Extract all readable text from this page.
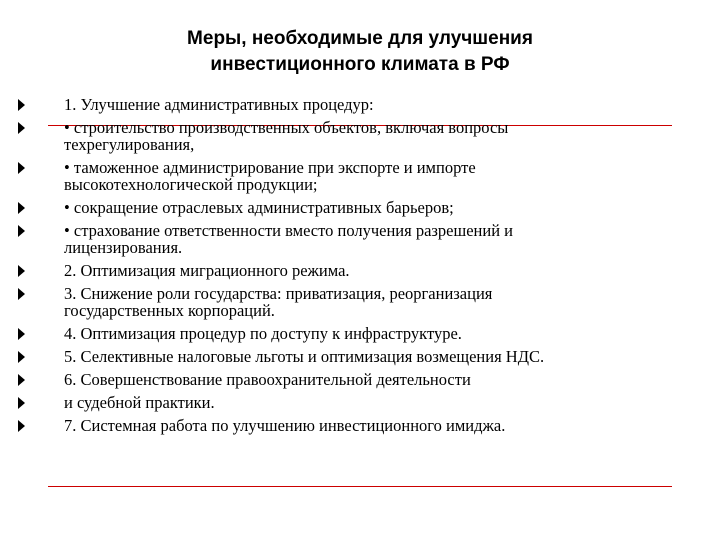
Меры, необходимые для улучшения
инвестиционного климата в РФ
1. Улучшение административных процедур:
• строительство производственных объектов, включая вопросы
техрегулирования,
• таможенное администрирование при экспорте и импорте
высокотехнологической продукции;
• сокращение отраслевых административных барьеров;
• страхование ответственности вместо получения разрешений и
лицензирования.
2. Оптимизация миграционного режима.
3. Снижение роли государства: приватизация, реорганизация
государственных корпораций.
4. Оптимизация процедур по доступу к инфраструктуре.
5. Селективные налоговые льготы и оптимизация возмещения НДС.
6. Совершенствование правоохранительной деятельности
и судебной практики.
7. Системная работа по улучшению инвестиционного имиджа.
